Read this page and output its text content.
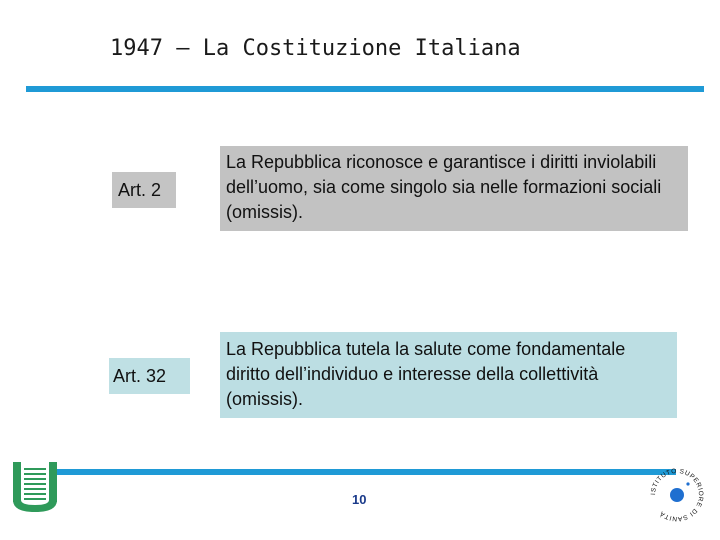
1947 – La Costituzione Italiana
Art. 2
La Repubblica riconosce e garantisce i diritti inviolabili dell’uomo, sia come singolo sia nelle formazioni sociali (omissis).
Art. 32
La Repubblica tutela la salute come fondamentale diritto dell’individuo e interesse della collettività (omissis).
10	ISTITUTO SUPERIORE DI SANITÀ
